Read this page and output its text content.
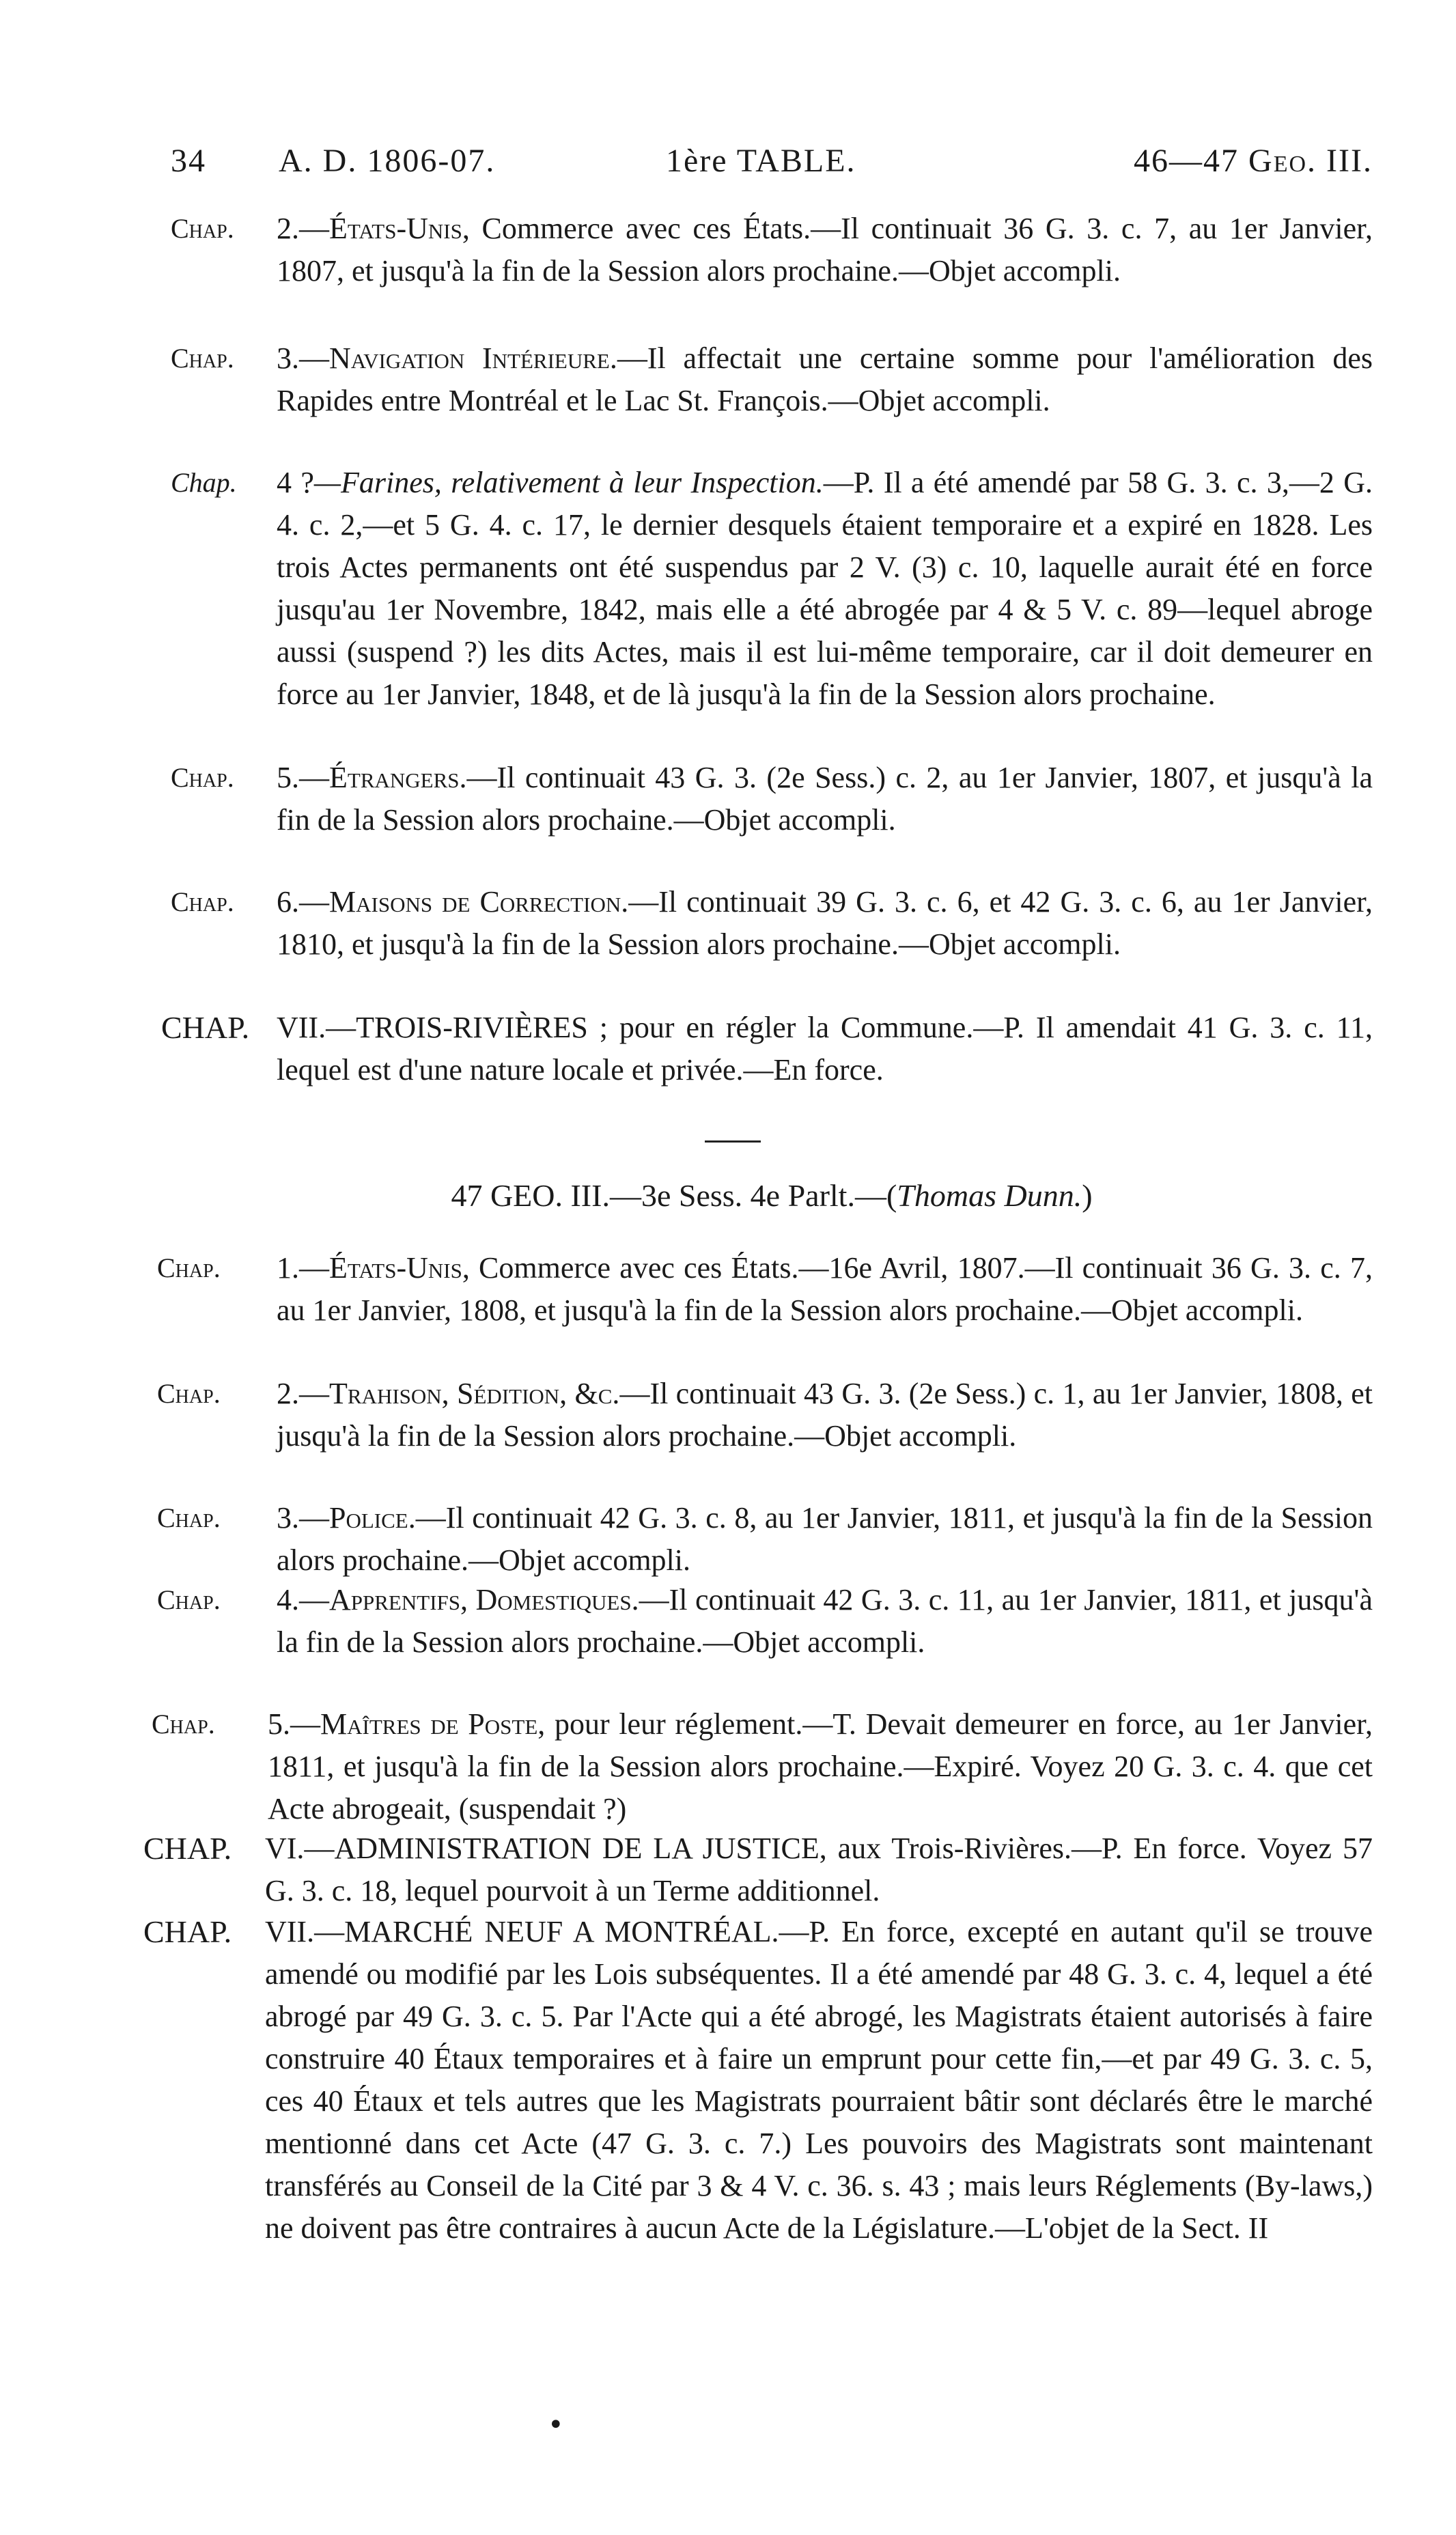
34 A. D. 1806-07.	1ère TABLE.	46—47 Geo. III.
Chap. 2.—États-Unis, Commerce avec ces États.—Il continuait 36 G. 3. c. 7, au 1er Janvier, 1807, et jusqu'à la fin de la Session alors prochaine.—Objet accompli.
Chap. 3.—Navigation Intérieure.—Il affectait une certaine somme pour l'amélioration des Rapides entre Montréal et le Lac St. François.—Objet accompli.
Chap. 4 ?—Farines, relativement à leur Inspection.—P. Il a été amendé par 58 G. 3. c. 3,—2 G. 4. c. 2,—et 5 G. 4. c. 17, le dernier desquels étaient temporaire et a expiré en 1828. Les trois Actes permanents ont été suspendus par 2 V. (3) c. 10, laquelle aurait été en force jusqu'au 1er Novembre, 1842, mais elle a été abrogée par 4 & 5 V. c. 89—lequel abroge aussi (suspend ?) les dits Actes, mais il est lui-même temporaire, car il doit demeurer en force au 1er Janvier, 1848, et de là jusqu'à la fin de la Session alors prochaine.
Chap. 5.—Étrangers.—Il continuait 43 G. 3. (2e Sess.) c. 2, au 1er Janvier, 1807, et jusqu'à la fin de la Session alors prochaine.—Objet accompli.
Chap. 6.—Maisons de Correction.—Il continuait 39 G. 3. c. 6, et 42 G. 3. c. 6, au 1er Janvier, 1810, et jusqu'à la fin de la Session alors prochaine.—Objet accompli.
CHAP. VII.—TROIS-RIVIÈRES ; pour en régler la Commune.—P. Il amendait 41 G. 3. c. 11, lequel est d'une nature locale et privée.—En force.
47 GEO. III.—3e Sess. 4e Parlt.—(Thomas Dunn.)
Chap. 1.—États-Unis, Commerce avec ces États.—16e Avril, 1807.—Il continuait 36 G. 3. c. 7, au 1er Janvier, 1808, et jusqu'à la fin de la Session alors prochaine.—Objet accompli.
Chap. 2.—Trahison, Sédition, &c.—Il continuait 43 G. 3. (2e Sess.) c. 1, au 1er Janvier, 1808, et jusqu'à la fin de la Session alors prochaine.—Objet accompli.
Chap. 3.—Police.—Il continuait 42 G. 3. c. 8, au 1er Janvier, 1811, et jusqu'à la fin de la Session alors prochaine.—Objet accompli.
Chap. 4.—Apprentifs, Domestiques.—Il continuait 42 G. 3. c. 11, au 1er Janvier, 1811, et jusqu'à la fin de la Session alors prochaine.—Objet accompli.
Chap. 5.—Maîtres de Poste, pour leur réglement.—T. Devait demeurer en force, au 1er Janvier, 1811, et jusqu'à la fin de la Session alors prochaine.—Expiré. Voyez 20 G. 3. c. 4. que cet Acte abrogeait, (suspendait ?)
CHAP. VI.—ADMINISTRATION DE LA JUSTICE, aux Trois-Rivières.—P. En force. Voyez 57 G. 3. c. 18, lequel pourvoit à un Terme additionnel.
CHAP. VII.—MARCHÉ NEUF A MONTRÉAL.—P. En force, excepté en autant qu'il se trouve amendé ou modifié par les Lois subséquentes. Il a été amendé par 48 G. 3. c. 4, lequel a été abrogé par 49 G. 3. c. 5. Par l'Acte qui a été abrogé, les Magistrats étaient autorisés à faire construire 40 Étaux temporaires et à faire un emprunt pour cette fin,—et par 49 G. 3. c. 5, ces 40 Étaux et tels autres que les Magistrats pourraient bâtir sont déclarés être le marché mentionné dans cet Acte (47 G. 3. c. 7.) Les pouvoirs des Magistrats sont maintenant transférés au Conseil de la Cité par 3 & 4 V. c. 36. s. 43 ; mais leurs Réglements (By-laws,) ne doivent pas être contraires à aucun Acte de la Législature.—L'objet de la Sect. II
•
